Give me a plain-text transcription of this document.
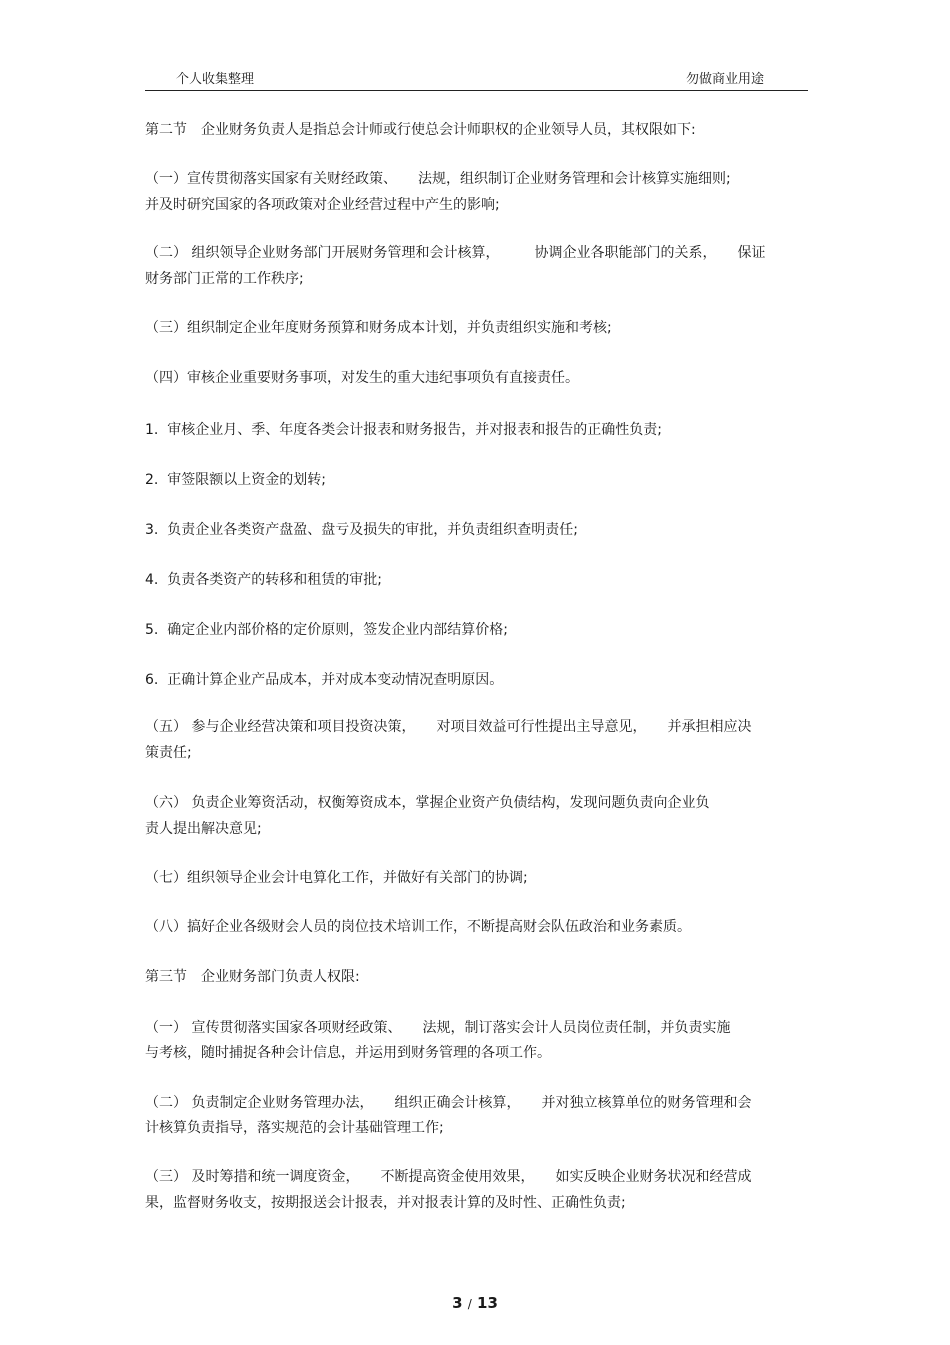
个人收集整理	勿做商业用途
第二节　企业财务负责人是指总会计师或行使总会计师职权的企业领导人员，其权限如下:
（一）宣传贯彻落实国家有关财经政策、　　法规，组织制订企业财务管理和会计核算实施细则;
并及时研究国家的各项政策对企业经营过程中产生的影响;
（二） 组织领导企业财务部门开展财务管理和会计核算，　　　协调企业各职能部门的关系，　　保证
财务部门正常的工作秩序;
（三）组织制定企业年度财务预算和财务成本计划，并负责组织实施和考核;
（四）审核企业重要财务事项，对发生的重大违纪事项负有直接责任。
1.  审核企业月、季、年度各类会计报表和财务报告，并对报表和报告的正确性负责;
2.  审签限额以上资金的划转;
3.  负责企业各类资产盘盈、盘亏及损失的审批，并负责组织查明责任;
4.  负责各类资产的转移和租赁的审批;
5.  确定企业内部价格的定价原则，签发企业内部结算价格;
6.  正确计算企业产品成本，并对成本变动情况查明原因。
（五） 参与企业经营决策和项目投资决策，　　对项目效益可行性提出主导意见，　　并承担相应决
策责任;
（六） 负责企业筹资活动，权衡筹资成本，掌握企业资产负债结构，发现问题负责向企业负
责人提出解决意见;
（七）组织领导企业会计电算化工作，并做好有关部门的协调;
（八）搞好企业各级财会人员的岗位技术培训工作，不断提高财会队伍政治和业务素质。
第三节　企业财务部门负责人权限:
（一） 宣传贯彻落实国家各项财经政策、　　法规，制订落实会计人员岗位责任制，并负责实施
与考核，随时捕捉各种会计信息，并运用到财务管理的各项工作。
（二） 负责制定企业财务管理办法，　　组织正确会计核算，　　并对独立核算单位的财务管理和会
计核算负责指导，落实规范的会计基础管理工作;
（三） 及时筹措和统一调度资金，　　不断提高资金使用效果，　　如实反映企业财务状况和经营成
果，监督财务收支，按期报送会计报表，并对报表计算的及时性、正确性负责;
3 / 13
